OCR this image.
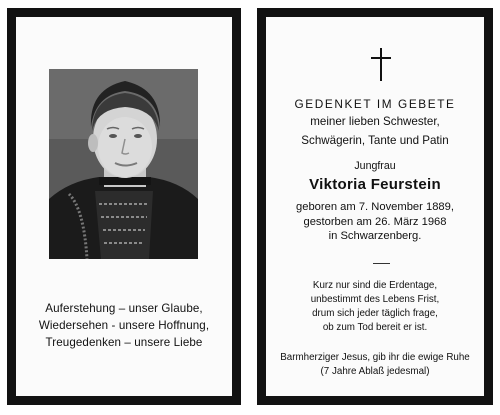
Auferstehung – unser Glaube,
Wiedersehen - unsere Hoffnung,
Treugedenken – unsere Liebe
GEDENKET IM GEBETE
meiner lieben Schwester,
Schwägerin, Tante und Patin
Jungfrau
Viktoria Feurstein
geboren am 7. November 1889,
gestorben am 26. März 1968
in Schwarzenberg.
Kurz nur sind die Erdentage,
unbestimmt des Lebens Frist,
drum sich jeder täglich frage,
ob zum Tod bereit er ist.
Barmherziger Jesus, gib ihr die ewige Ruhe
(7 Jahre Ablaß jedesmal)
